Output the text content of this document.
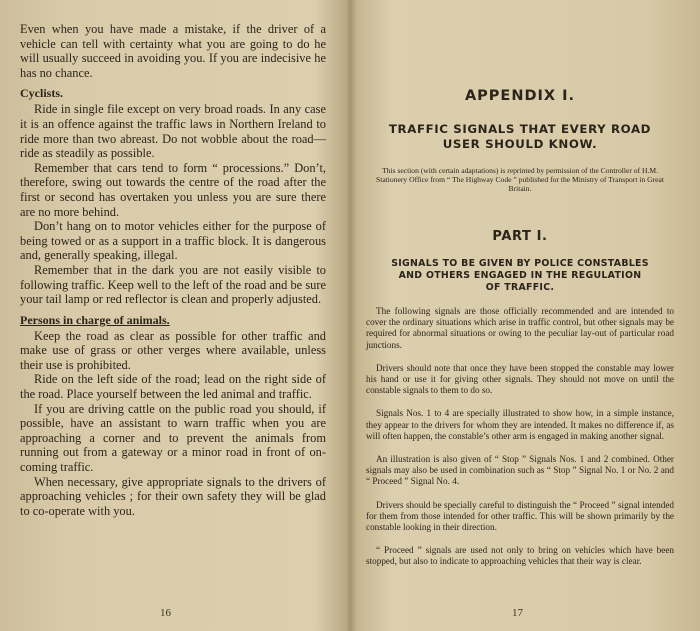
Even when you have made a mistake, if the driver of a vehicle can tell with certainty what you are going to do he will usually succeed in avoiding you. If you are indecisive he has no chance.

Cyclists.

Ride in single file except on very broad roads. In any case it is an offence against the traffic laws in Northern Ireland to ride more than two abreast. Do not wobble about the road—ride as steadily as possible.

Remember that cars tend to form “ processions.” Don’t, therefore, swing out towards the centre of the road after the first or second has overtaken you unless you are sure there are no more behind.

Don’t hang on to motor vehicles either for the purpose of being towed or as a support in a traffic block. It is dangerous and, generally speaking, illegal.

Remember that in the dark you are not easily visible to following traffic. Keep well to the left of the road and be sure your tail lamp or red reflector is clean and properly adjusted.

Persons in charge of animals.

Keep the road as clear as possible for other traffic and make use of grass or other verges where available, unless their use is prohibited.

Ride on the left side of the road; lead on the right side of the road. Place yourself between the led animal and traffic.

If you are driving cattle on the public road you should, if possible, have an assistant to warn traffic when you are approaching a corner and to prevent the animals from running out from a gateway or a minor road in front of on-coming traffic.

When necessary, give appropriate signals to the drivers of approaching vehicles ; for their own safety they will be glad to co-operate with you.

16
APPENDIX I.
TRAFFIC SIGNALS THAT EVERY ROAD
USER SHOULD KNOW.
This section (with certain adaptations) is reprinted by permission of the Controller of H.M. Stationery Office from “ The Highway Code ” published for the Ministry of Transport in Great Britain.
PART I.
SIGNALS TO BE GIVEN BY POLICE CONSTABLES
AND OTHERS ENGAGED IN THE REGULATION
OF TRAFFIC.

The following signals are those officially recommended and are intended to cover the ordinary situations which arise in traffic control, but other signals may be required for abnormal situations or owing to the peculiar lay-out of particular road junctions.

Drivers should note that once they have been stopped the constable may lower his hand or use it for giving other signals. They should not move on until the constable signals to them to do so.

Signals Nos. 1 to 4 are specially illustrated to show how, in a simple instance, they appear to the drivers for whom they are intended. It makes no difference if, as will often happen, the constable’s other arm is engaged in making another signal.

An illustration is also given of “ Stop ” Signals Nos. 1 and 2 combined. Other signals may also be used in combination such as “ Stop ” Signal No. 1 or No. 2 and “ Proceed ” Signal No. 4.

Drivers should be specially careful to distinguish the “ Proceed ” signal intended for them from those intended for other traffic. This will be shown primarily by the constable looking in their direction.

“ Proceed ” signals are used not only to bring on vehicles which have been stopped, but also to indicate to approaching vehicles that their way is clear.

17
